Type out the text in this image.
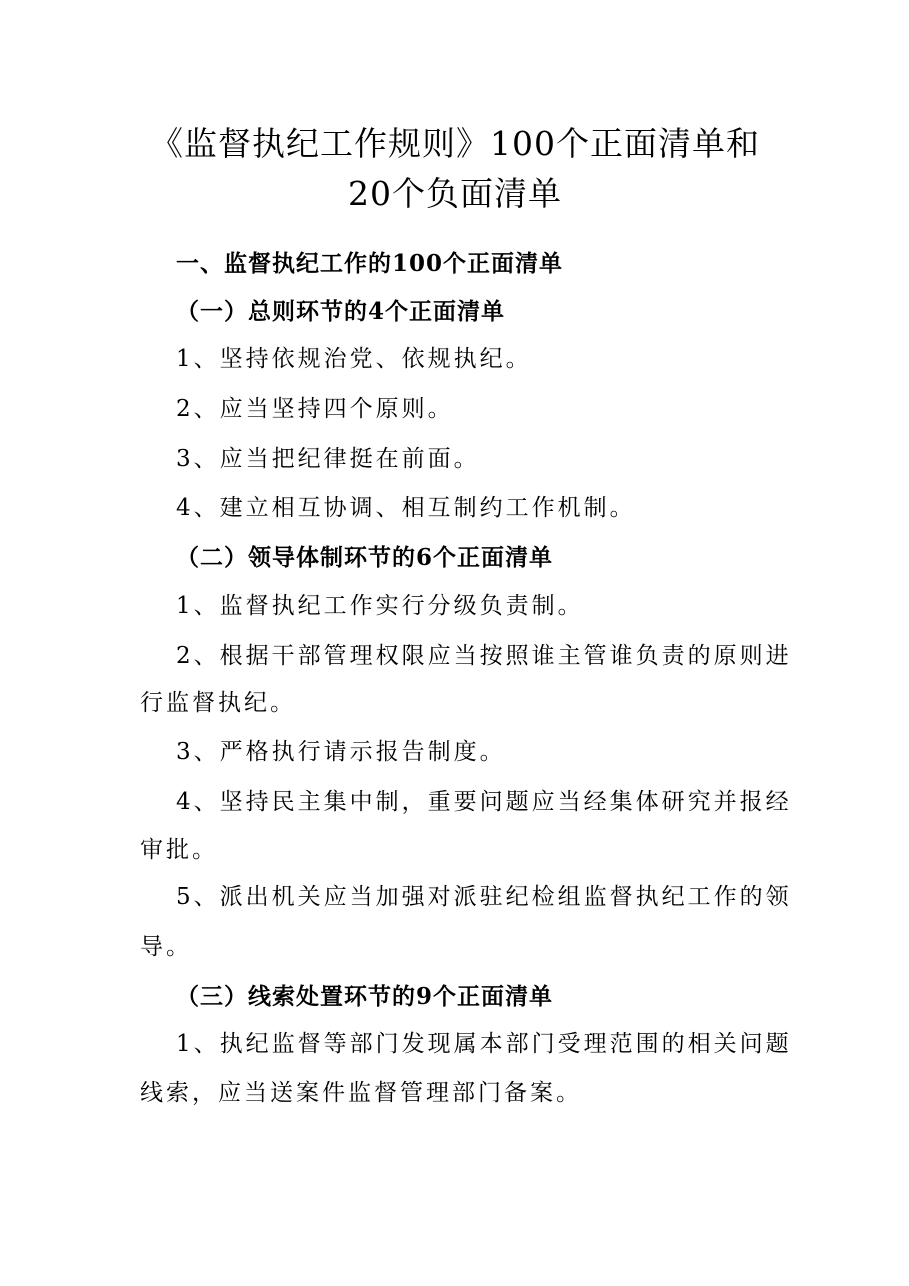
《监督执纪工作规则》100个正面清单和
20个负面清单
一、监督执纪工作的100个正面清单
（一）总则环节的4个正面清单
1、坚持依规治党、依规执纪。
2、应当坚持四个原则。
3、应当把纪律挺在前面。
4、建立相互协调、相互制约工作机制。
（二）领导体制环节的6个正面清单
1、监督执纪工作实行分级负责制。
2、根据干部管理权限应当按照谁主管谁负责的原则进
行监督执纪。
3、严格执行请示报告制度。
4、坚持民主集中制，重要问题应当经集体研究并报经
审批。
5、派出机关应当加强对派驻纪检组监督执纪工作的领
导。
（三）线索处置环节的9个正面清单
1、执纪监督等部门发现属本部门受理范围的相关问题
线索，应当送案件监督管理部门备案。
